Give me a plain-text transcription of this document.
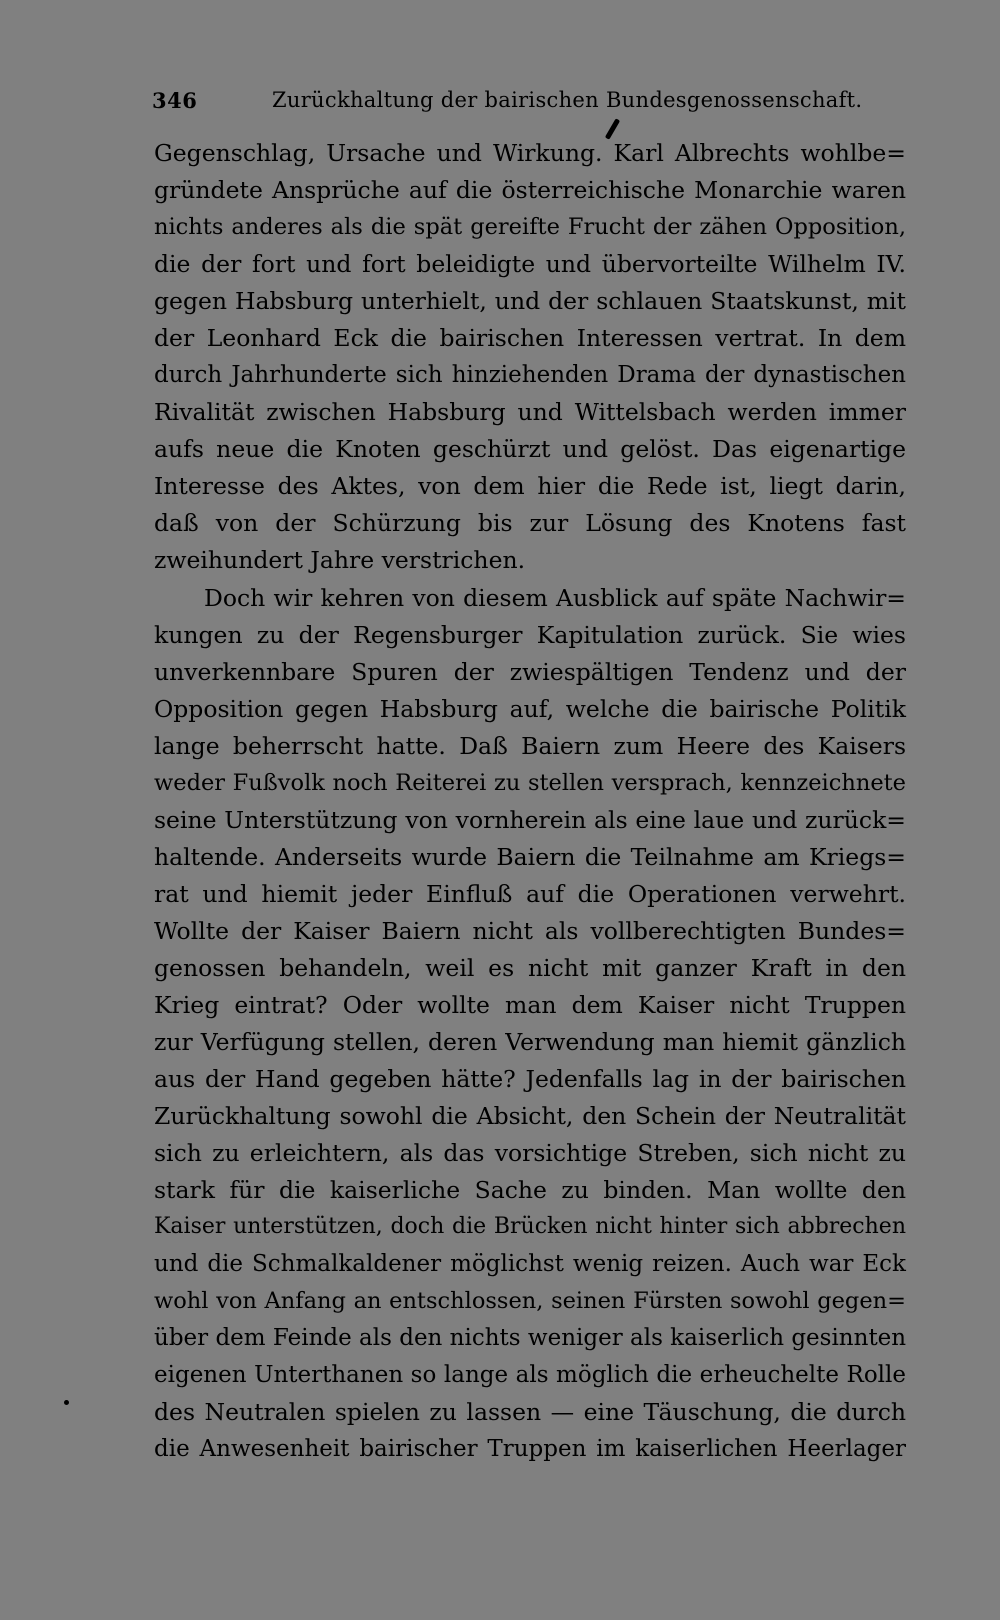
346	Zurückhaltung der bairischen Bundesgenossenschaft.
Gegenschlag, Ursache und Wirkung. Karl Albrechts wohlbe=
gründete Ansprüche auf die österreichische Monarchie waren
nichts anderes als die spät gereifte Frucht der zähen Opposition,
die der fort und fort beleidigte und übervorteilte Wilhelm IV.
gegen Habsburg unterhielt, und der schlauen Staatskunst, mit
der Leonhard Eck die bairischen Interessen vertrat. In dem
durch Jahrhunderte sich hinziehenden Drama der dynastischen
Rivalität zwischen Habsburg und Wittelsbach werden immer
aufs neue die Knoten geschürzt und gelöst. Das eigenartige
Interesse des Aktes, von dem hier die Rede ist, liegt darin,
daß von der Schürzung bis zur Lösung des Knotens fast
zweihundert Jahre verstrichen.
Doch wir kehren von diesem Ausblick auf späte Nachwir=
kungen zu der Regensburger Kapitulation zurück. Sie wies
unverkennbare Spuren der zwiespältigen Tendenz und der
Opposition gegen Habsburg auf, welche die bairische Politik
lange beherrscht hatte. Daß Baiern zum Heere des Kaisers
weder Fußvolk noch Reiterei zu stellen versprach, kennzeichnete
seine Unterstützung von vornherein als eine laue und zurück=
haltende. Anderseits wurde Baiern die Teilnahme am Kriegs=
rat und hiemit jeder Einfluß auf die Operationen verwehrt.
Wollte der Kaiser Baiern nicht als vollberechtigten Bundes=
genossen behandeln, weil es nicht mit ganzer Kraft in den
Krieg eintrat? Oder wollte man dem Kaiser nicht Truppen
zur Verfügung stellen, deren Verwendung man hiemit gänzlich
aus der Hand gegeben hätte? Jedenfalls lag in der bairischen
Zurückhaltung sowohl die Absicht, den Schein der Neutralität
sich zu erleichtern, als das vorsichtige Streben, sich nicht zu
stark für die kaiserliche Sache zu binden. Man wollte den
Kaiser unterstützen, doch die Brücken nicht hinter sich abbrechen
und die Schmalkaldener möglichst wenig reizen. Auch war Eck
wohl von Anfang an entschlossen, seinen Fürsten sowohl gegen=
über dem Feinde als den nichts weniger als kaiserlich gesinnten
eigenen Unterthanen so lange als möglich die erheuchelte Rolle
des Neutralen spielen zu lassen — eine Täuschung, die durch
die Anwesenheit bairischer Truppen im kaiserlichen Heerlager
